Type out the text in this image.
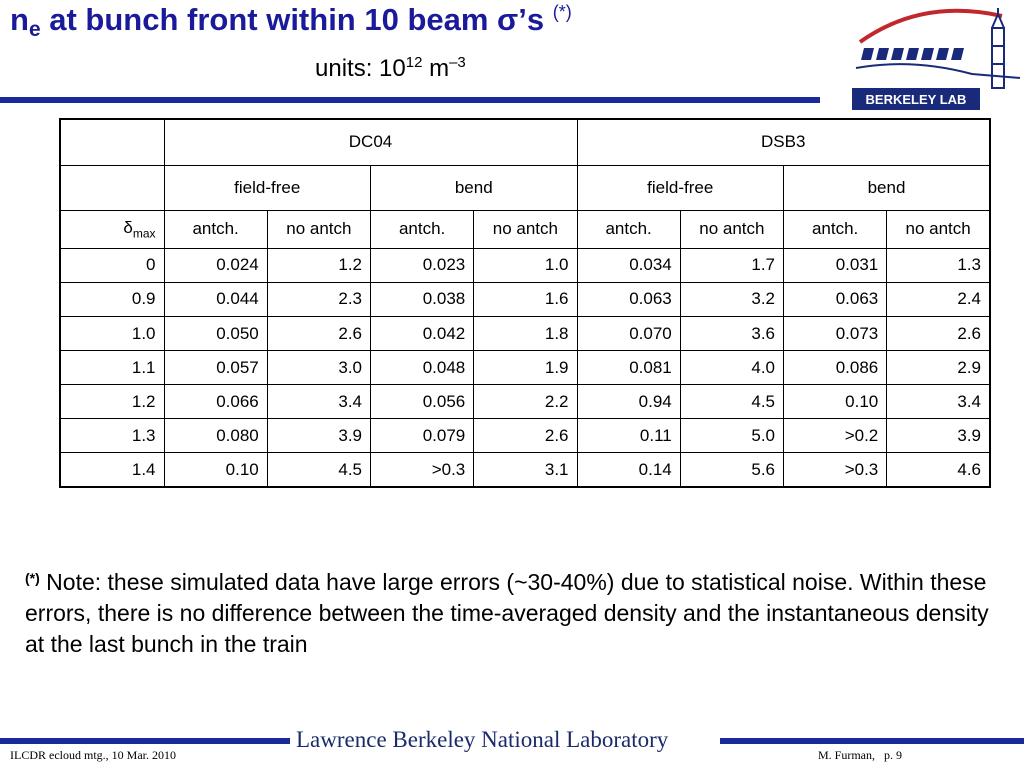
$n_e$ at bunch front within 10 beam σ’s (*)
units: $10^{12}$ $m^{-3}$
BERKELEY LAB
	DC04				DSB3			
	field-free		bend		field-free		bend	
$\delta_{max}$	antch.	no antch	antch.	no antch	antch.	no antch	antch.	no antch
0	0.024	1.2	0.023	1.0	0.034	1.7	0.031	1.3
0.9	0.044	2.3	0.038	1.6	0.063	3.2	0.063	2.4
1.0	0.050	2.6	0.042	1.8	0.070	3.6	0.073	2.6
1.1	0.057	3.0	0.048	1.9	0.081	4.0	0.086	2.9
1.2	0.066	3.4	0.056	2.2	0.94	4.5	0.10	3.4
1.3	0.080	3.9	0.079	2.6	0.11	5.0	>0.2	3.9
1.4	0.10	4.5	>0.3	3.1	0.14	5.6	>0.3	4.6
(*) Note: these simulated data have large errors (~30-40%) due to statistical noise. Within these errors, there is no difference between the time-averaged density and the instantaneous density at the last bunch in the train
Lawrence Berkeley National Laboratory
ILCDR ecloud mtg., 10 Mar. 2010	M. Furman,   p. 9
